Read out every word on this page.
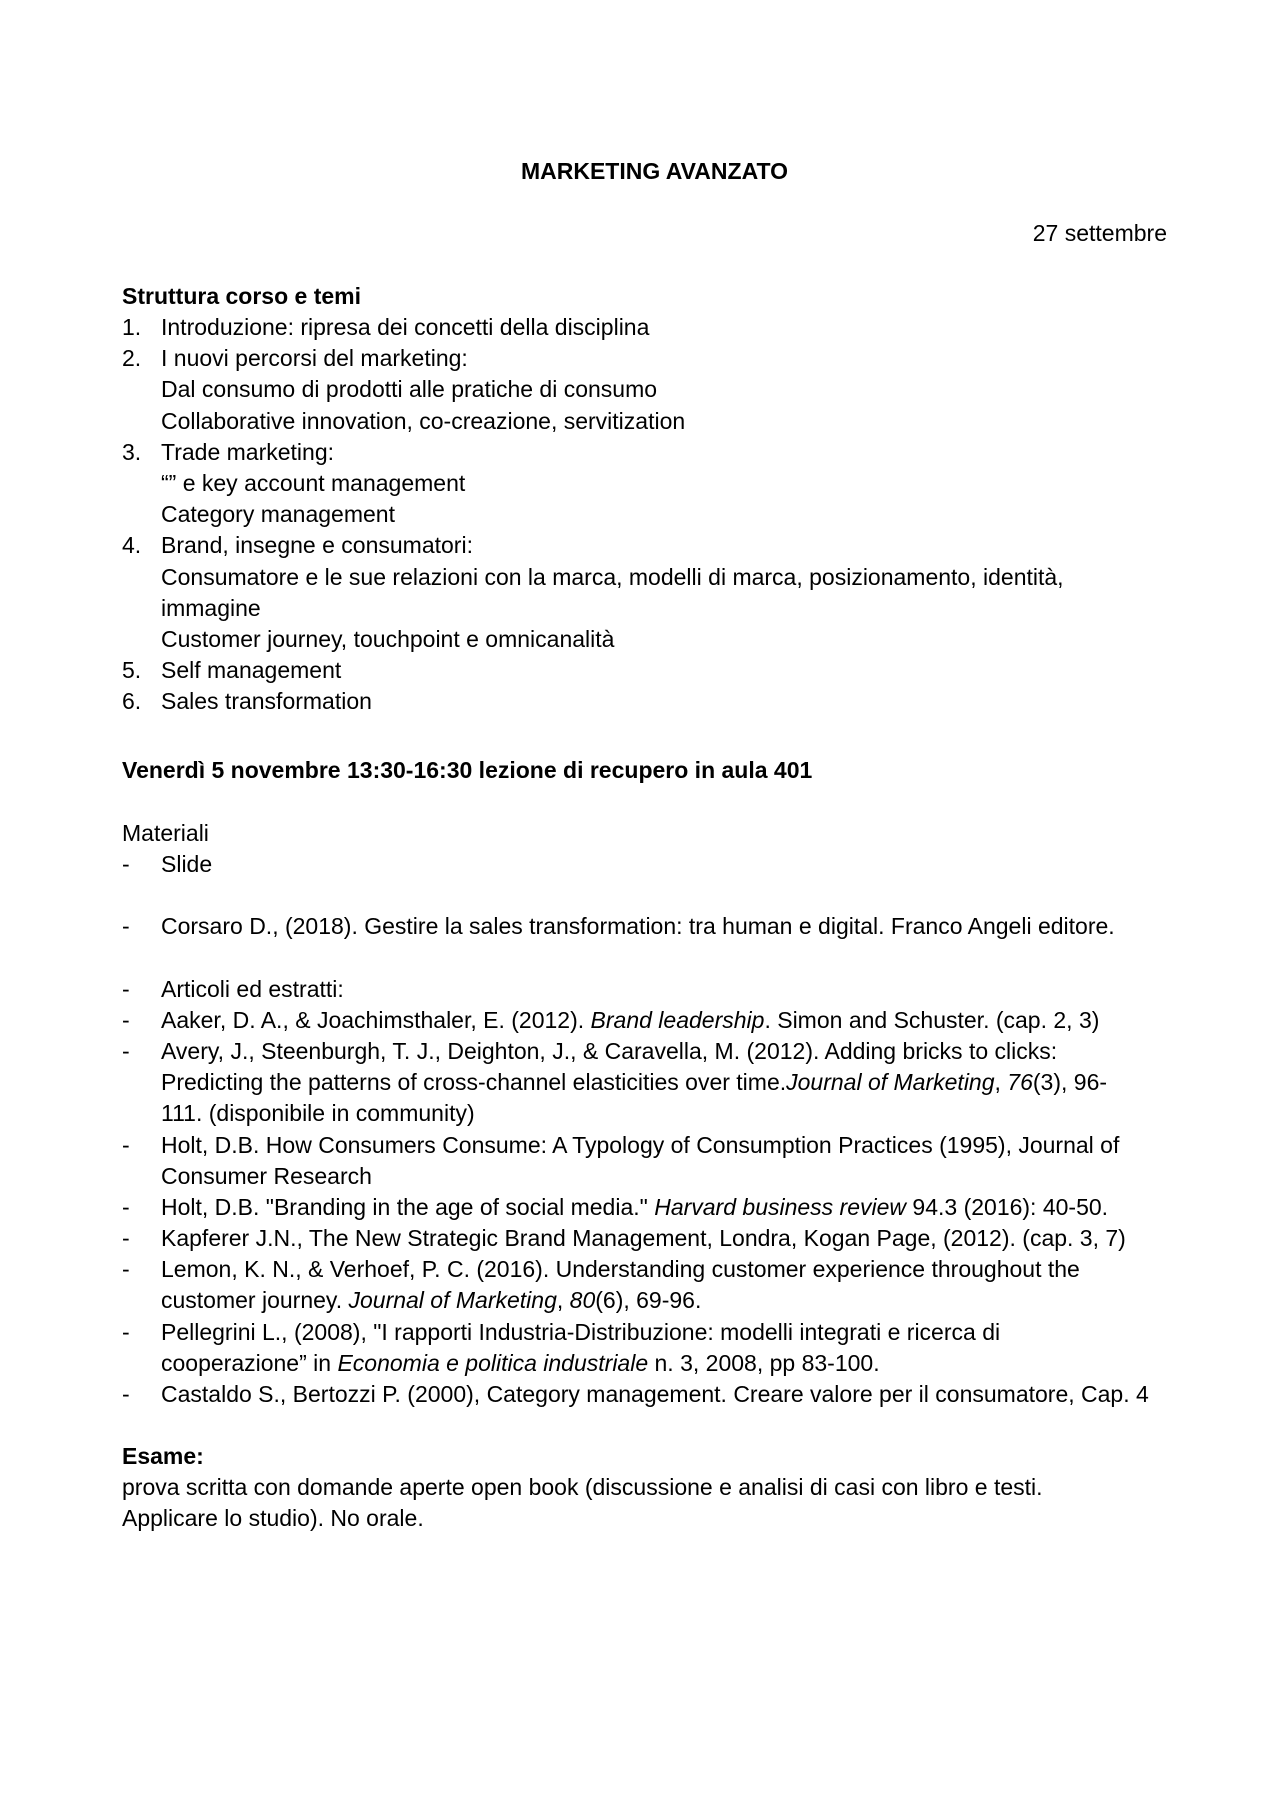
MARKETING AVANZATO
27 settembre
Struttura corso e temi
1. Introduzione: ripresa dei concetti della disciplina
2. I nuovi percorsi del marketing:
Dal consumo di prodotti alle pratiche di consumo
Collaborative innovation, co-creazione, servitization
3. Trade marketing:
“” e key account management
Category management
4. Brand, insegne e consumatori:
Consumatore e le sue relazioni con la marca, modelli di marca, posizionamento, identità,
immagine
Customer journey, touchpoint e omnicanalità
5. Self management
6. Sales transformation
Venerdì 5 novembre 13:30-16:30 lezione di recupero in aula 401
Materiali
-	Slide
-	Corsaro D., (2018). Gestire la sales transformation: tra human e digital. Franco Angeli editore.
-	Articoli ed estratti:
-	Aaker, D. A., & Joachimsthaler, E. (2012). Brand leadership. Simon and Schuster. (cap. 2, 3)
-	Avery, J., Steenburgh, T. J., Deighton, J., & Caravella, M. (2012). Adding bricks to clicks:
Predicting the patterns of cross-channel elasticities over time.Journal of Marketing, 76(3), 96-
111. (disponibile in community)
-	Holt, D.B. How Consumers Consume: A Typology of Consumption Practices (1995), Journal of
Consumer Research
-	Holt, D.B. "Branding in the age of social media." Harvard business review 94.3 (2016): 40-50.
-	Kapferer J.N., The New Strategic Brand Management, Londra, Kogan Page, (2012). (cap. 3, 7)
-	Lemon, K. N., & Verhoef, P. C. (2016). Understanding customer experience throughout the
customer journey. Journal of Marketing, 80(6), 69-96.
-	Pellegrini L., (2008), "I rapporti Industria-Distribuzione: modelli integrati e ricerca di
cooperazione” in Economia e politica industriale n. 3, 2008, pp 83-100.
-	Castaldo S., Bertozzi P. (2000), Category management. Creare valore per il consumatore, Cap. 4
Esame:
prova scritta con domande aperte open book (discussione e analisi di casi con libro e testi.
Applicare lo studio). No orale.
